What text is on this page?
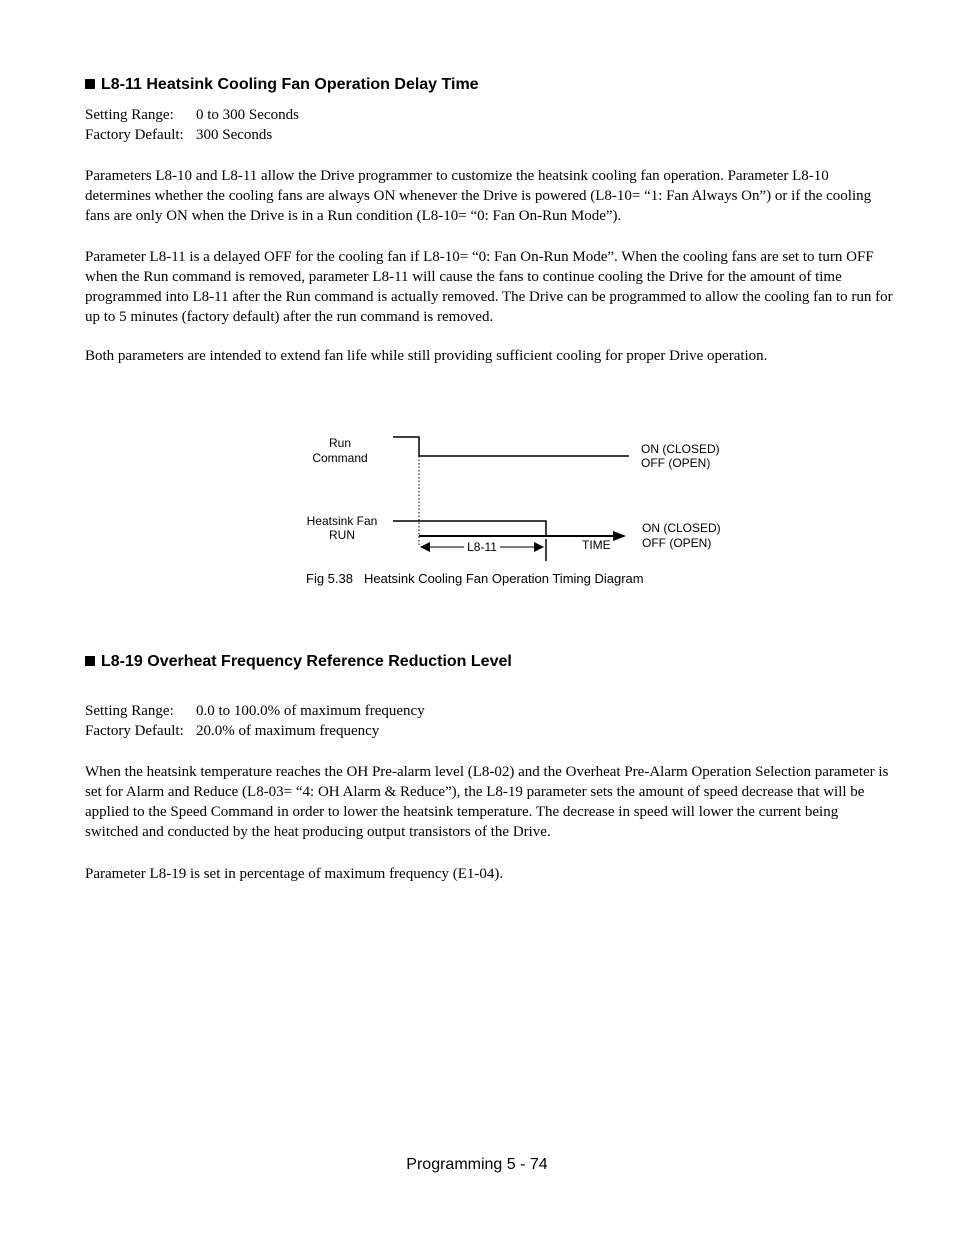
L8-11 Heatsink Cooling Fan Operation Delay Time
Setting Range: 0 to 300 Seconds
Factory Default: 300 Seconds

Parameters L8-10 and L8-11 allow the Drive programmer to customize the heatsink cooling fan operation. Parameter L8-10 determines whether the cooling fans are always ON whenever the Drive is powered (L8-10= “1: Fan Always On”) or if the cooling fans are only ON when the Drive is in a Run condition (L8-10= “0: Fan On-Run Mode”).

Parameter L8-11 is a delayed OFF for the cooling fan if L8-10= “0: Fan On-Run Mode”. When the cooling fans are set to turn OFF when the Run command is removed, parameter L8-11 will cause the fans to continue cooling the Drive for the amount of time programmed into L8-11 after the Run command is actually removed. The Drive can be programmed to allow the cooling fan to run for up to 5 minutes (factory default) after the run command is removed.

Both parameters are intended to extend fan life while still providing sufficient cooling for proper Drive operation.

Run
Command
Heatsink Fan
RUN
ON (CLOSED)
OFF (OPEN)
ON (CLOSED)
OFF (OPEN)
L8-11	TIME
Fig 5.38 Heatsink Cooling Fan Operation Timing Diagram
L8-19 Overheat Frequency Reference Reduction Level
Setting Range: 0.0 to 100.0% of maximum frequency
Factory Default: 20.0% of maximum frequency

When the heatsink temperature reaches the OH Pre-alarm level (L8-02) and the Overheat Pre-Alarm Operation Selection parameter is set for Alarm and Reduce (L8-03= “4: OH Alarm & Reduce”), the L8-19 parameter sets the amount of speed decrease that will be applied to the Speed Command in order to lower the heatsink temperature. The decrease in speed will lower the current being switched and conducted by the heat producing output transistors of the Drive.

Parameter L8-19 is set in percentage of maximum frequency (E1-04).

Programming 5 - 74
